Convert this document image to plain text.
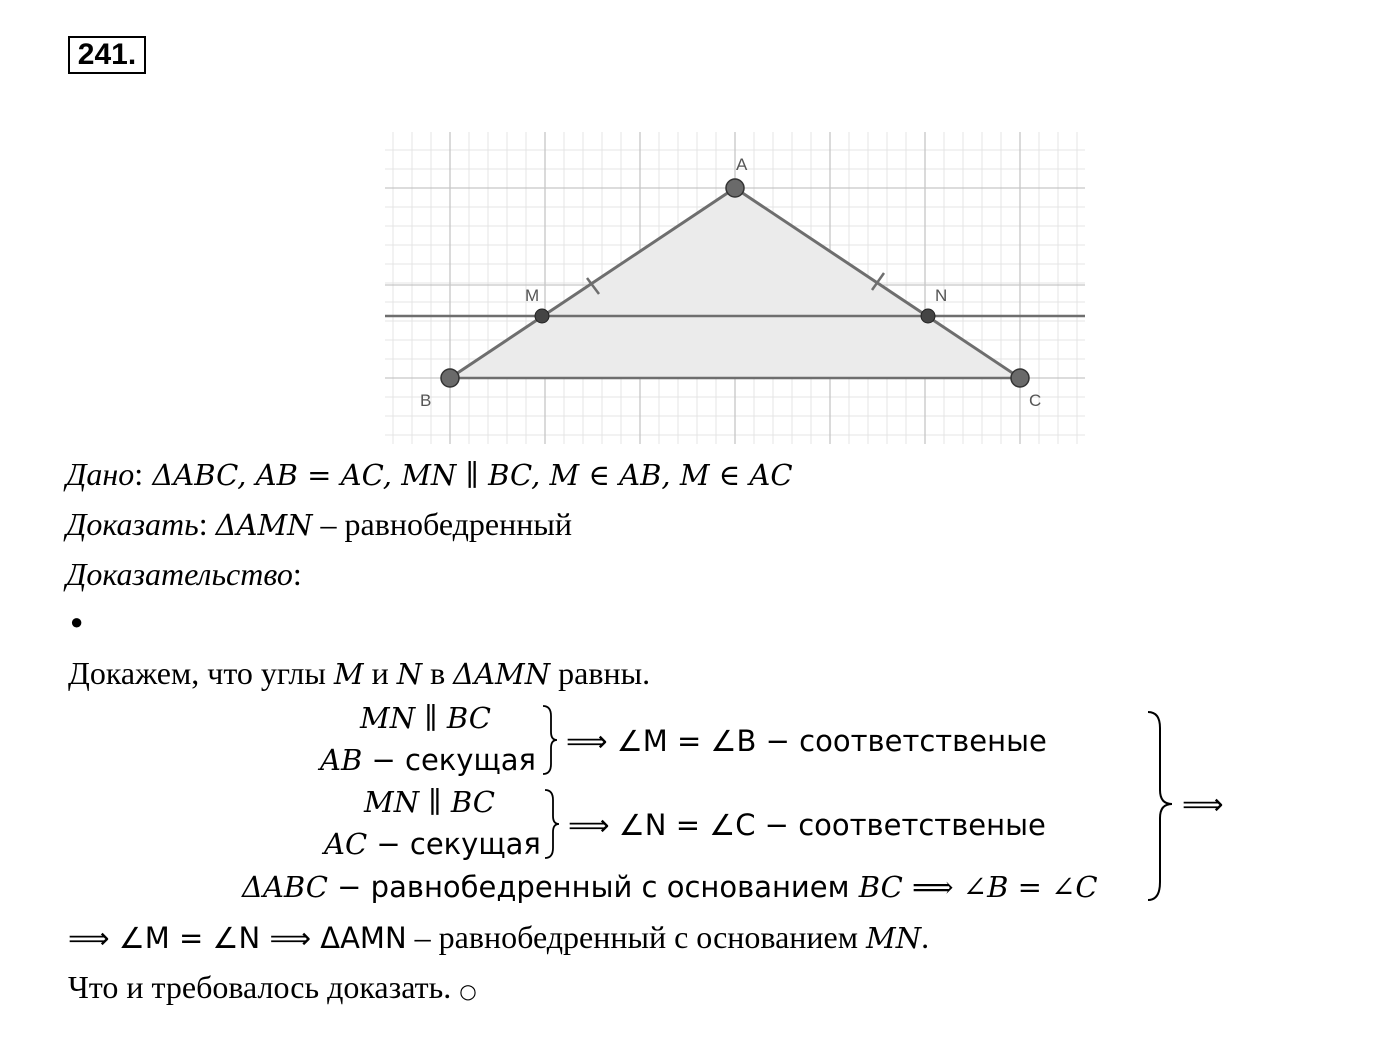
241.
A
M	N
B	C
Дано: ΔABC, AB = AC, MN ∥ BC, M ∈ AB, M ∈ AC
Доказать: ΔAMN – равнобедренный
Доказательство:
●
Докажем, что углы M и N в ΔAMN равны.
MN ∥ BC
AB − секущая
⟹ ∠M = ∠B − соответственые
MN ∥ BC
AC − секущая
⟹ ∠N = ∠C − соответственые
ΔABC − равнобедренный с основанием BC ⟹ ∠B = ∠C
⟹
⟹ ∠M = ∠N ⟹ ΔAMN – равнобедренный с основанием MN.
Что и требовалось доказать. ○
